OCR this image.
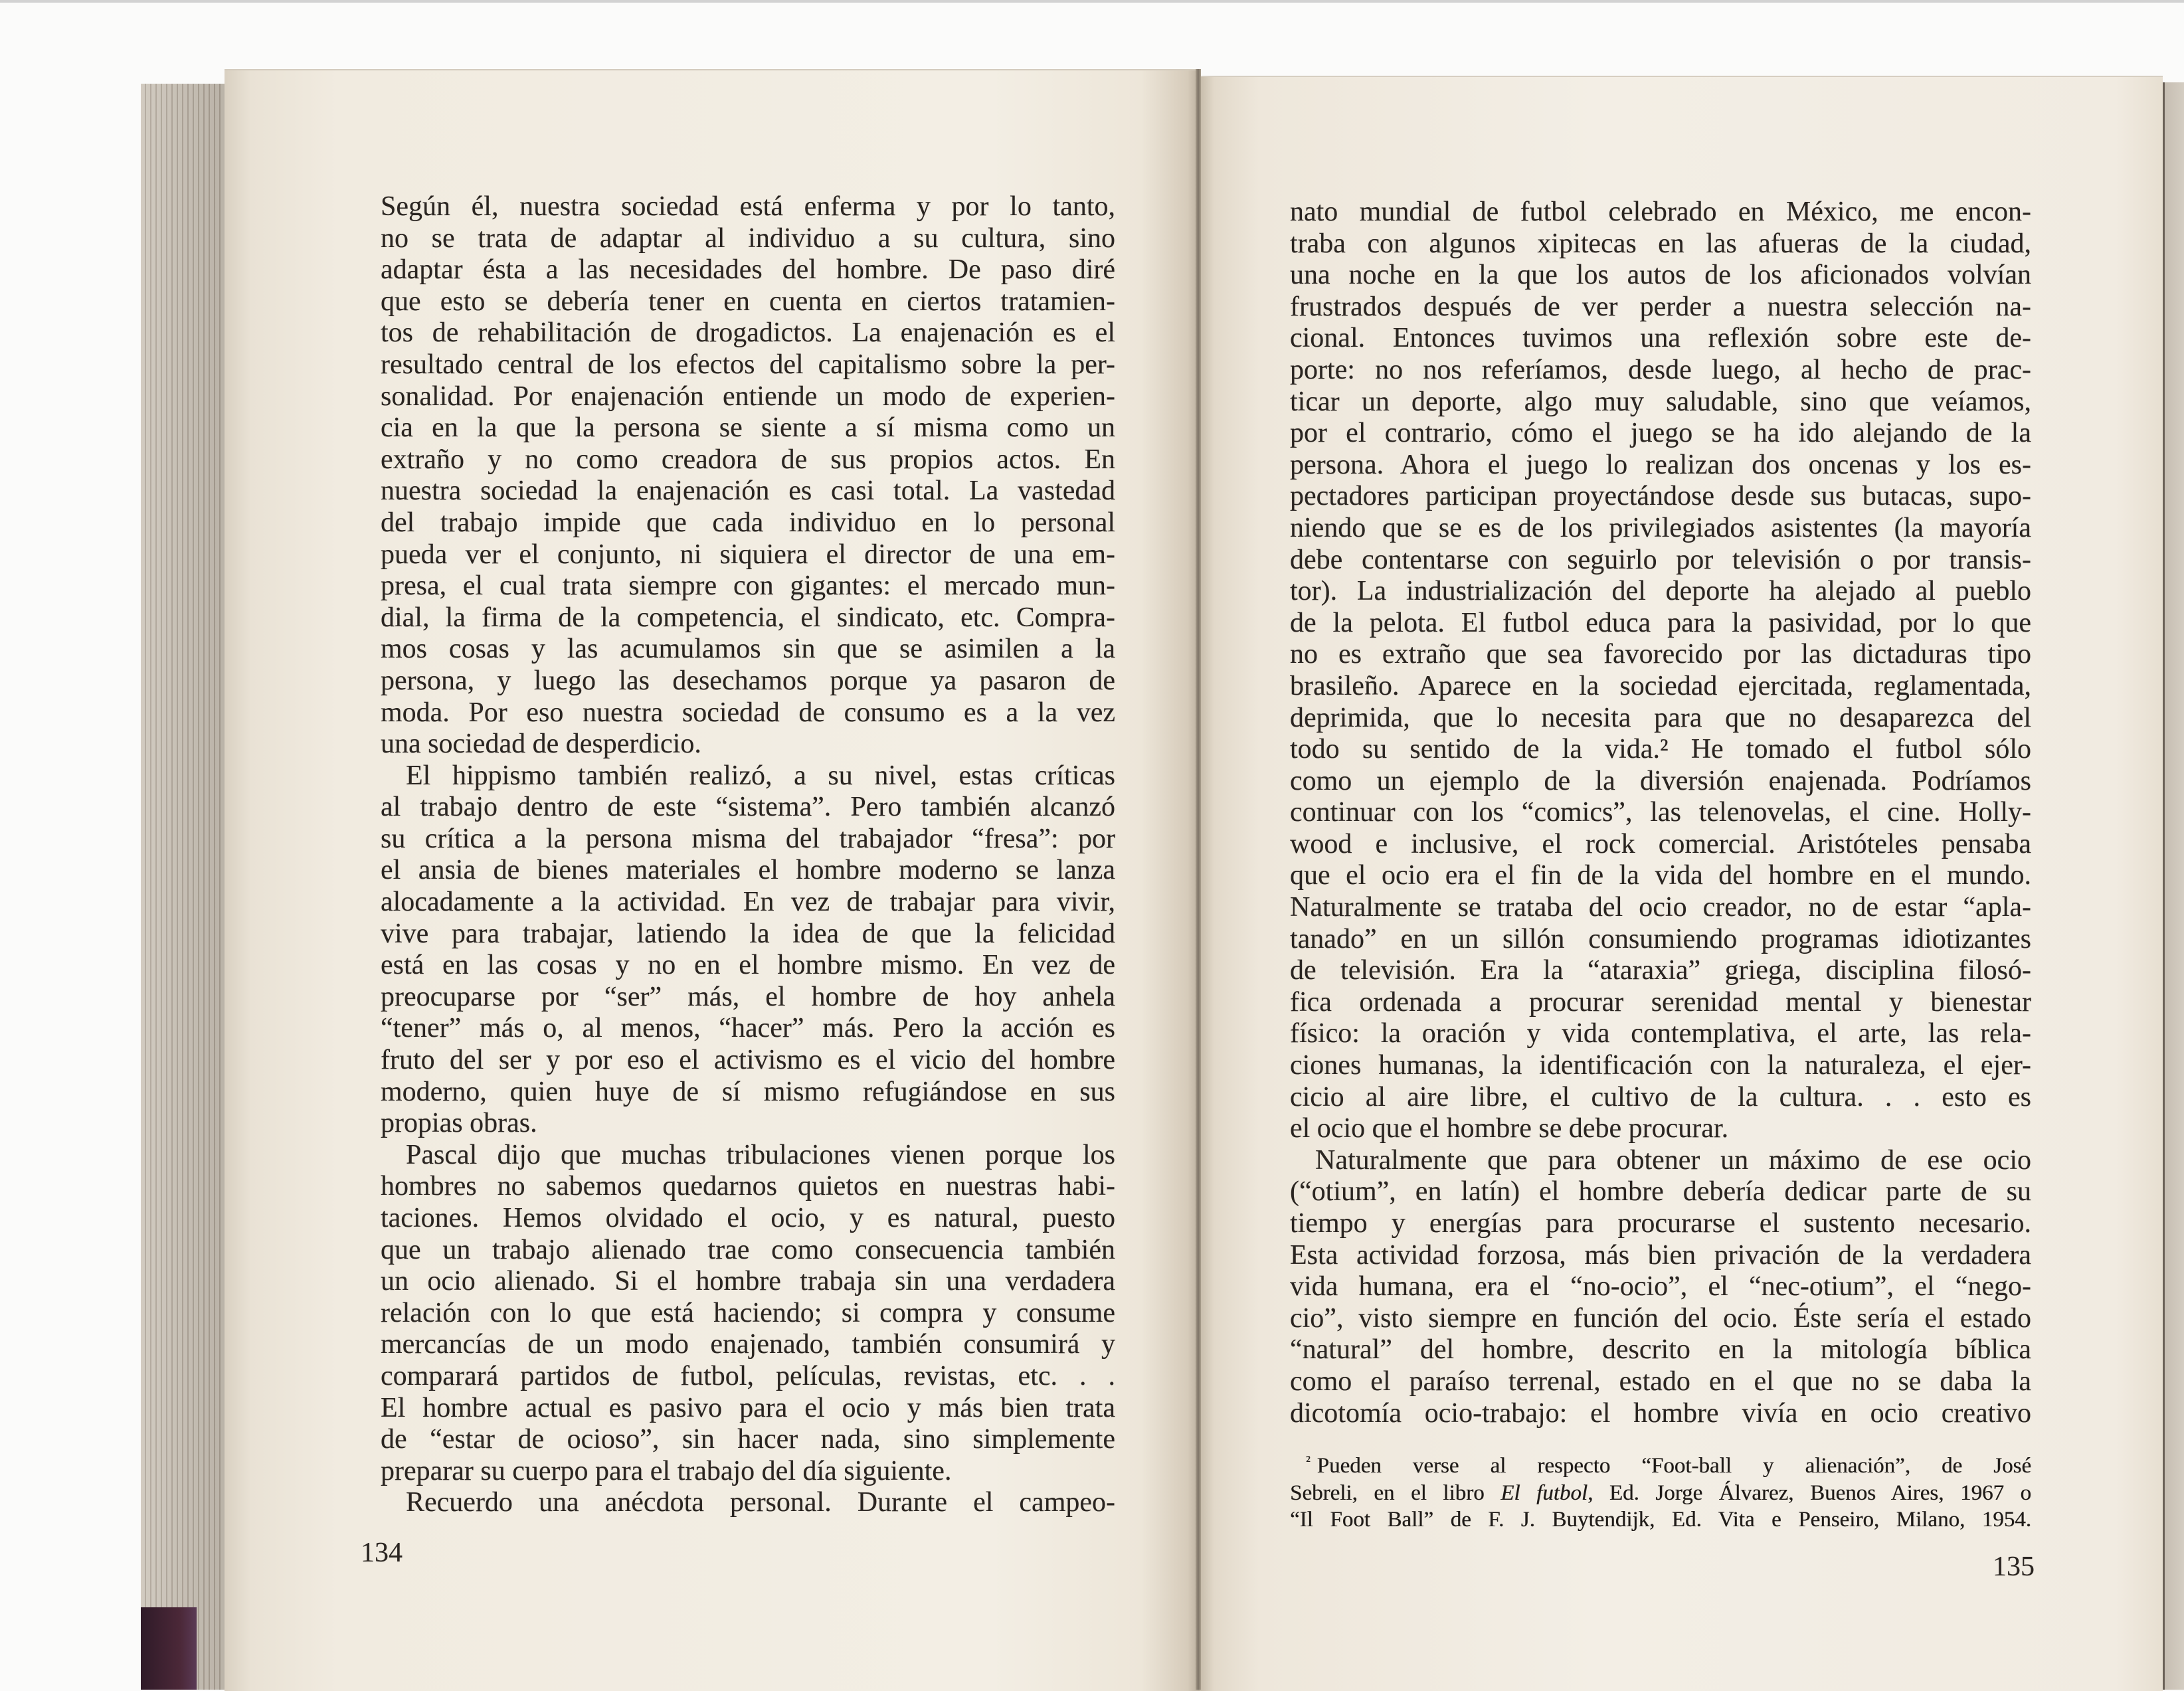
Según él, nuestra sociedad está enferma y por lo tanto,
no se trata de adaptar al individuo a su cultura, sino
adaptar ésta a las necesidades del hombre. De paso diré
que esto se debería tener en cuenta en ciertos tratamien-
tos de rehabilitación de drogadictos. La enajenación es el
resultado central de los efectos del capitalismo sobre la per-
sonalidad. Por enajenación entiende un modo de experien-
cia en la que la persona se siente a sí misma como un
extraño y no como creadora de sus propios actos. En
nuestra sociedad la enajenación es casi total. La vastedad
del trabajo impide que cada individuo en lo personal
pueda ver el conjunto, ni siquiera el director de una em-
presa, el cual trata siempre con gigantes: el mercado mun-
dial, la firma de la competencia, el sindicato, etc. Compra-
mos cosas y las acumulamos sin que se asimilen a la
persona, y luego las desechamos porque ya pasaron de
moda. Por eso nuestra sociedad de consumo es a la vez
una sociedad de desperdicio.
El hippismo también realizó, a su nivel, estas críticas
al trabajo dentro de este “sistema”. Pero también alcanzó
su crítica a la persona misma del trabajador “fresa”: por
el ansia de bienes materiales el hombre moderno se lanza
alocadamente a la actividad. En vez de trabajar para vivir,
vive para trabajar, latiendo la idea de que la felicidad
está en las cosas y no en el hombre mismo. En vez de
preocuparse por “ser” más, el hombre de hoy anhela
“tener” más o, al menos, “hacer” más. Pero la acción es
fruto del ser y por eso el activismo es el vicio del hombre
moderno, quien huye de sí mismo refugiándose en sus
propias obras.
Pascal dijo que muchas tribulaciones vienen porque los
hombres no sabemos quedarnos quietos en nuestras habi-
taciones. Hemos olvidado el ocio, y es natural, puesto
que un trabajo alienado trae como consecuencia también
un ocio alienado. Si el hombre trabaja sin una verdadera
relación con lo que está haciendo; si compra y consume
mercancías de un modo enajenado, también consumirá y
comparará partidos de futbol, películas, revistas, etc. . .
El hombre actual es pasivo para el ocio y más bien trata
de “estar de ocioso”, sin hacer nada, sino simplemente
preparar su cuerpo para el trabajo del día siguiente.
Recuerdo una anécdota personal. Durante el campeo-
134
nato mundial de futbol celebrado en México, me encon-
traba con algunos xipitecas en las afueras de la ciudad,
una noche en la que los autos de los aficionados volvían
frustrados después de ver perder a nuestra selección na-
cional. Entonces tuvimos una reflexión sobre este de-
porte: no nos referíamos, desde luego, al hecho de prac-
ticar un deporte, algo muy saludable, sino que veíamos,
por el contrario, cómo el juego se ha ido alejando de la
persona. Ahora el juego lo realizan dos oncenas y los es-
pectadores participan proyectándose desde sus butacas, supo-
niendo que se es de los privilegiados asistentes (la mayoría
debe contentarse con seguirlo por televisión o por transis-
tor). La industrialización del deporte ha alejado al pueblo
de la pelota. El futbol educa para la pasividad, por lo que
no es extraño que sea favorecido por las dictaduras tipo
brasileño. Aparece en la sociedad ejercitada, reglamentada,
deprimida, que lo necesita para que no desaparezca del
todo su sentido de la vida.² He tomado el futbol sólo
como un ejemplo de la diversión enajenada. Podríamos
continuar con los “comics”, las telenovelas, el cine. Holly-
wood e inclusive, el rock comercial. Aristóteles pensaba
que el ocio era el fin de la vida del hombre en el mundo.
Naturalmente se trataba del ocio creador, no de estar “apla-
tanado” en un sillón consumiendo programas idiotizantes
de televisión. Era la “ataraxia” griega, disciplina filosó-
fica ordenada a procurar serenidad mental y bienestar
físico: la oración y vida contemplativa, el arte, las rela-
ciones humanas, la identificación con la naturaleza, el ejer-
cicio al aire libre, el cultivo de la cultura. . . esto es
el ocio que el hombre se debe procurar.
Naturalmente que para obtener un máximo de ese ocio
(“otium”, en latín) el hombre debería dedicar parte de su
tiempo y energías para procurarse el sustento necesario.
Esta actividad forzosa, más bien privación de la verdadera
vida humana, era el “no-ocio”, el “nec-otium”, el “nego-
cio”, visto siempre en función del ocio. Éste sería el estado
“natural” del hombre, descrito en la mitología bíblica
como el paraíso terrenal, estado en el que no se daba la
dicotomía ocio-trabajo: el hombre vivía en ocio creativo
$^{^2}$ Pueden verse al respecto “Foot-ball y alienación”, de José
Sebreli, en el libro El futbol, Ed. Jorge Álvarez, Buenos Aires, 1967 o
“Il Foot Ball” de F. J. Buytendijk, Ed. Vita e Penseiro, Milano, 1954.
135
